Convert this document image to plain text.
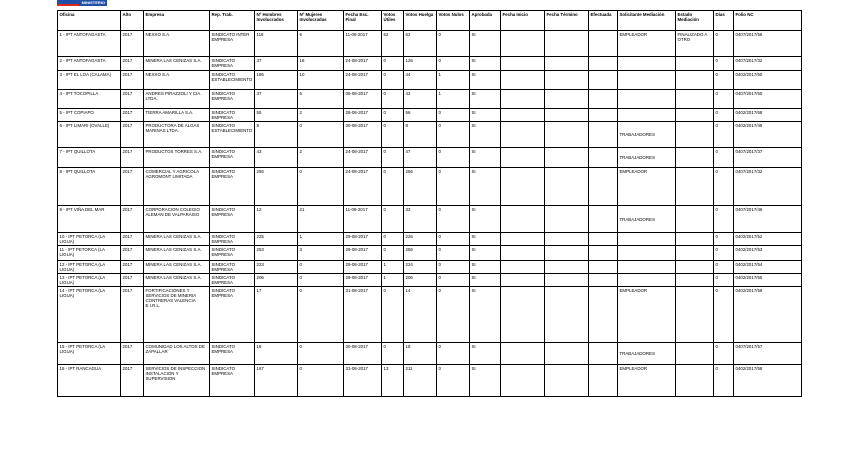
MINISTERIO
Oficina	Año	Empresa	Rep. Trab.	Nº Hombres Involucrados	Nº Mujeres Involucradas	Fecha Esc. Final	Votos Útiles	Votos Huelga	Votos Nulos	Aprobada	Fecha Inicio	Fecha Término	Efectuada	Solicitante Mediación	Estado Mediación	Días	Folio NC
1 - IPT ANTOFAGASTA	2017	NEXXO S.A.	SINDICATO INTER EMPRESA	118	6	11-08-2017	62	62	0	SI				EMPLEADOR	FINALIZADO A OTRO	0	0407/2017/56
2 - IPT ANTOFAGASTA	2017	MINERA LAS CENIZAS S.A.	SINDICATO EMPRESA	37	18	24-08-2017	0	126	0	SI						0	0407/2017/32
3 - IPT EL LOA (CALAMA)	2017	NEXXO S.A.	SINDICATO ESTABLECIMIENTO	186	10	24-08-2017	0	44	1	SI						0	0402/2017/60
4 - IPT TOCOPILLA	2017	ANDRES PIRAZZOLI Y CIA. LTDA.	SINDICATO EMPRESA	37	6	06-08-2017	0	42	1	SI						0	0407/2017/50
5 - IPT COPIAPO	2017	TIERRA AMARILLA S.A.	SINDICATO EMPRESA	55	2	28-08-2017	0	56	0	SI						0	0402/2017/68
6 - IPT LIMARI (OVALLE)	2017	PRODUCTORA DE ALGAS MARINAS LTDA.	SINDICATO ESTABLECIMIENTO	8	0	30-08-2017	0	8	0	SI				TRABAJADORES		0	0402/2017/49
7 - IPT QUILLOTA	2017	PRODUCTOS TORRES S.A.	SINDICATO EMPRESA	43	2	24-08-2017	0	47	0	SI				TRABAJADORES		0	0407/2017/37
8 - IPT QUILLOTA	2017	COMERCIAL Y AGRICOLA AGROMONT LIMITADA	SINDICATO EMPRESA	256	0	24-08-2017	0	256	0	SI				EMPLEADOR		0	0407/2017/32
9 - IPT VIÑA DEL MAR	2017	CORPORACION COLEGIO ALEMAN DE VALPARAISO	SINDICATO EMPRESA	12	21	11-08-2017	0	33	0	SI				TRABAJADORES		0	0407/2017/46
10 - IPT PETORCA (LA LIGUA)	2017	MINERA LAS CENIZAS S.A.	SINDICATO EMPRESA	225	1	29-08-2017	0	226	0	SI						0	0402/2017/52
11 - IPT PETORCA (LA LIGUA)	2017	MINERA LAS CENIZAS S.A.	SINDICATO EMPRESA	253	3	29-08-2017	0	256	0	SI						0	0402/2017/53
12 - IPT PETORCA (LA LIGUA)	2017	MINERA LAS CENIZAS S.A.	SINDICATO EMPRESA	223	0	29-08-2017	1	224	0	SI						0	0402/2017/54
13 - IPT PETORCA (LA LIGUA)	2017	MINERA LAS CENIZAS S.A.	SINDICATO EMPRESA	206	0	29-08-2017	1	206	0	SI						0	0402/2017/55
14 - IPT PETORCA (LA LIGUA)	2017	FORTIFICACIONES Y SERVICIOS DE MINERIA CONTRERAS VALENCIA E.I.R.L.	SINDICATO EMPRESA	17	0	31-08-2017	0	14	0	SI				EMPLEADOR		0	0402/2017/59
15 - IPT PETORCA (LA LIGUA)	2017	COMUNIDAD LOS ALTOS DE ZAPALLAR	SINDICATO EMPRESA	18	0	30-08-2017	0	18	0	SI				TRABAJADORES		0	0407/2017/57
16 - IPT RANCAGUA	2017	SERVICIOS DE INSPECCION INSTALACION Y SUPERVISION	SINDICATO EMPRESA	167	0	31-08-2017	13	211	0	SI				EMPLEADOR		0	0402/2017/58
